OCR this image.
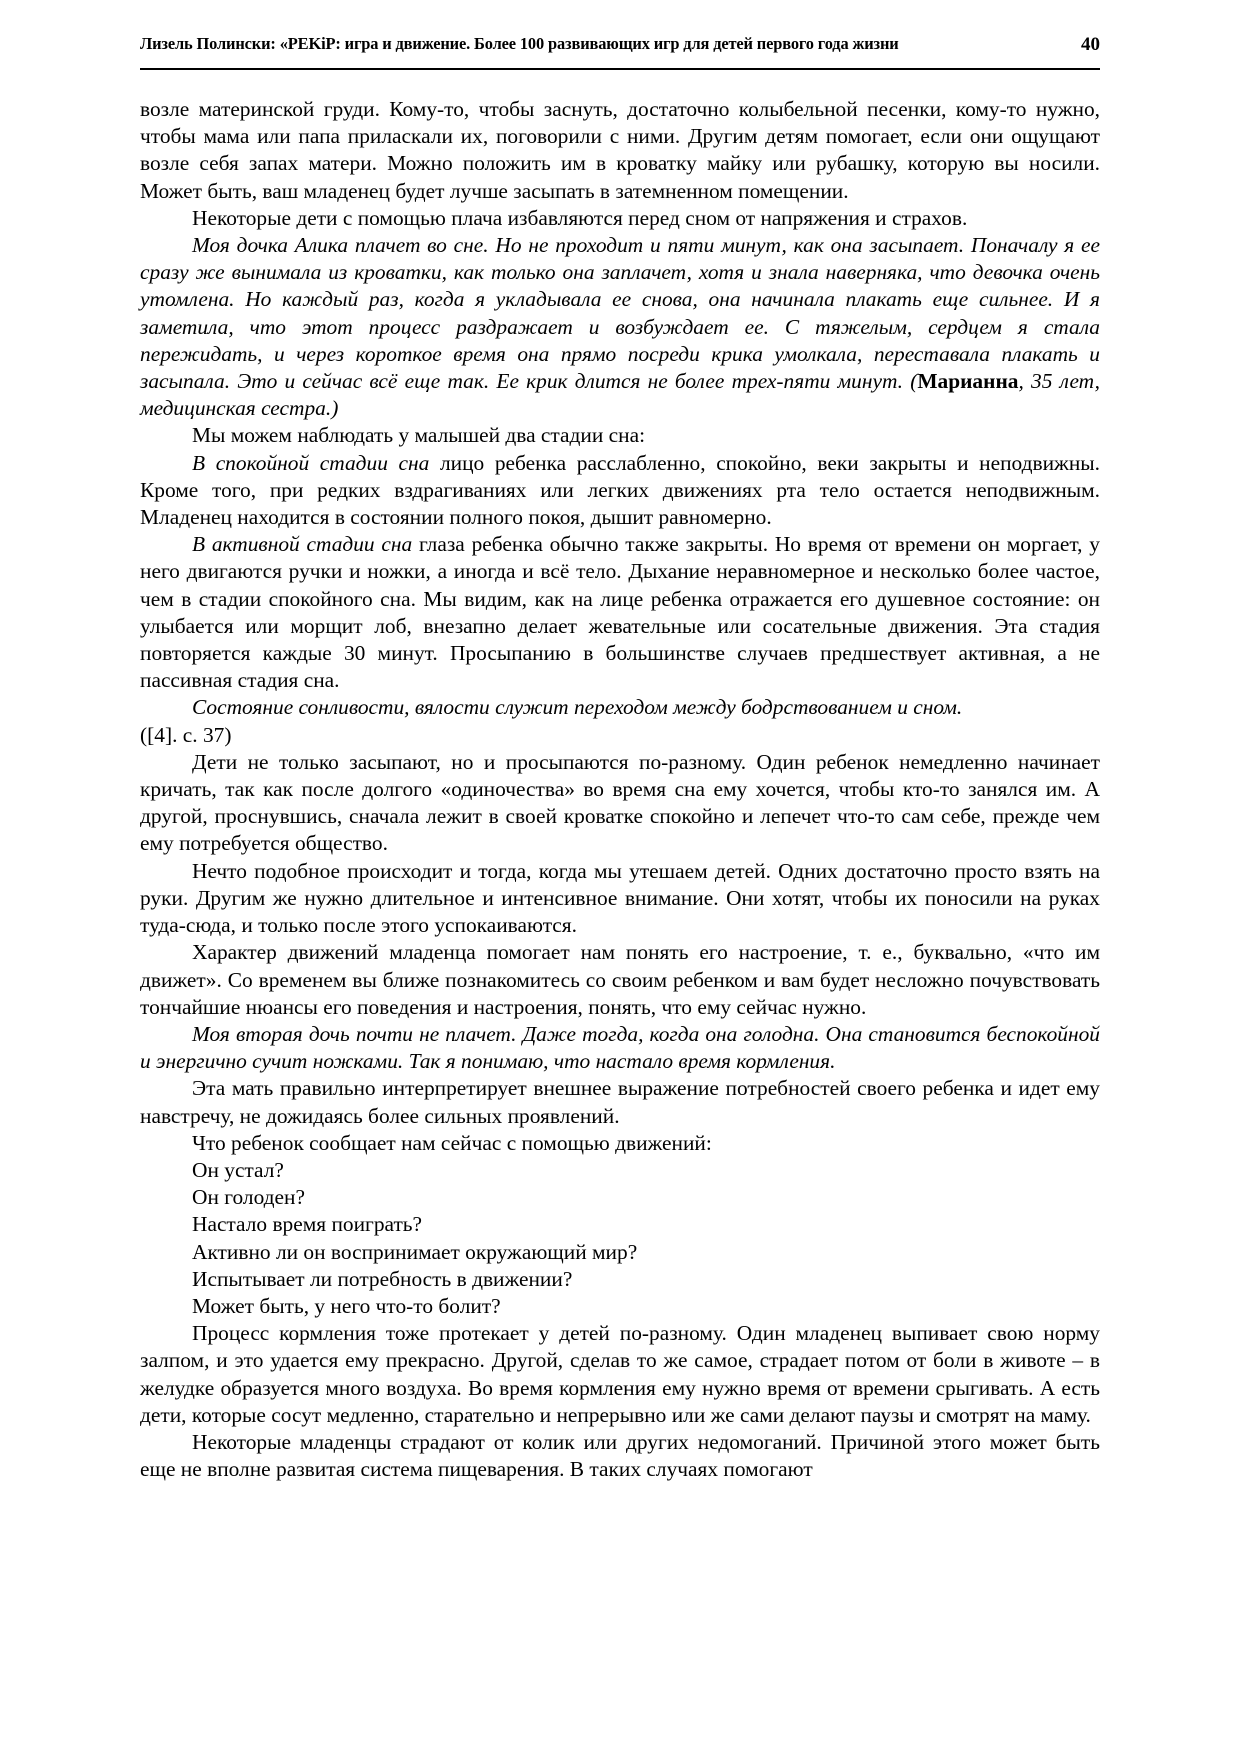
Лизель Полински: «PEKiP: игра и движение. Более 100 развивающих игр для детей первого года жизни	40

возле материнской груди. Кому-то, чтобы заснуть, достаточно колыбельной песенки, кому-то нужно, чтобы мама или папа приласкали их, поговорили с ними. Другим детям помогает, если они ощущают возле себя запах матери. Можно положить им в кроватку майку или рубашку, которую вы носили. Может быть, ваш младенец будет лучше засыпать в затемненном помещении.

Некоторые дети с помощью плача избавляются перед сном от напряжения и страхов.

Моя дочка Алика плачет во сне. Но не проходит и пяти минут, как она засыпает. Поначалу я ее сразу же вынимала из кроватки, как только она заплачет, хотя и знала наверняка, что девочка очень утомлена. Но каждый раз, когда я укладывала ее снова, она начинала плакать еще сильнее. И я заметила, что этот процесс раздражает и возбуждает ее. С тяжелым, сердцем я стала пережидать, и через короткое время она прямо посреди крика умолкала, переставала плакать и засыпала. Это и сейчас всё еще так. Ее крик длится не более трех-пяти минут. (Марианна, 35 лет, медицинская сестра.)

Мы можем наблюдать у малышей два стадии сна:

В спокойной стадии сна лицо ребенка расслабленно, спокойно, веки закрыты и неподвижны. Кроме того, при редких вздрагиваниях или легких движениях рта тело остается неподвижным. Младенец находится в состоянии полного покоя, дышит равномерно.

В активной стадии сна глаза ребенка обычно также закрыты. Но время от времени он моргает, у него двигаются ручки и ножки, а иногда и всё тело. Дыхание неравномерное и несколько более частое, чем в стадии спокойного сна. Мы видим, как на лице ребенка отражается его душевное состояние: он улыбается или морщит лоб, внезапно делает жевательные или сосательные движения. Эта стадия повторяется каждые 30 минут. Просыпанию в большинстве случаев предшествует активная, а не пассивная стадия сна.

Состояние сонливости, вялости служит переходом между бодрствованием и сном.

([4]. с. 37)

Дети не только засыпают, но и просыпаются по-разному. Один ребенок немедленно начинает кричать, так как после долгого «одиночества» во время сна ему хочется, чтобы кто-то занялся им. А другой, проснувшись, сначала лежит в своей кроватке спокойно и лепечет что-то сам себе, прежде чем ему потребуется общество.

Нечто подобное происходит и тогда, когда мы утешаем детей. Одних достаточно просто взять на руки. Другим же нужно длительное и интенсивное внимание. Они хотят, чтобы их поносили на руках туда-сюда, и только после этого успокаиваются.

Характер движений младенца помогает нам понять его настроение, т. е., буквально, «что им движет». Со временем вы ближе познакомитесь со своим ребенком и вам будет несложно почувствовать тончайшие нюансы его поведения и настроения, понять, что ему сейчас нужно.

Моя вторая дочь почти не плачет. Даже тогда, когда она голодна. Она становится беспокойной и энергично сучит ножками. Так я понимаю, что настало время кормления.

Эта мать правильно интерпретирует внешнее выражение потребностей своего ребенка и идет ему навстречу, не дожидаясь более сильных проявлений.

Что ребенок сообщает нам сейчас с помощью движений:

Он устал?

Он голоден?

Настало время поиграть?

Активно ли он воспринимает окружающий мир?

Испытывает ли потребность в движении?

Может быть, у него что-то болит?

Процесс кормления тоже протекает у детей по-разному. Один младенец выпивает свою норму залпом, и это удается ему прекрасно. Другой, сделав то же самое, страдает потом от боли в животе – в желудке образуется много воздуха. Во время кормления ему нужно время от времени срыгивать. А есть дети, которые сосут медленно, старательно и непрерывно или же сами делают паузы и смотрят на маму.

Некоторые младенцы страдают от колик или других недомоганий. Причиной этого может быть еще не вполне развитая система пищеварения. В таких случаях помогают
